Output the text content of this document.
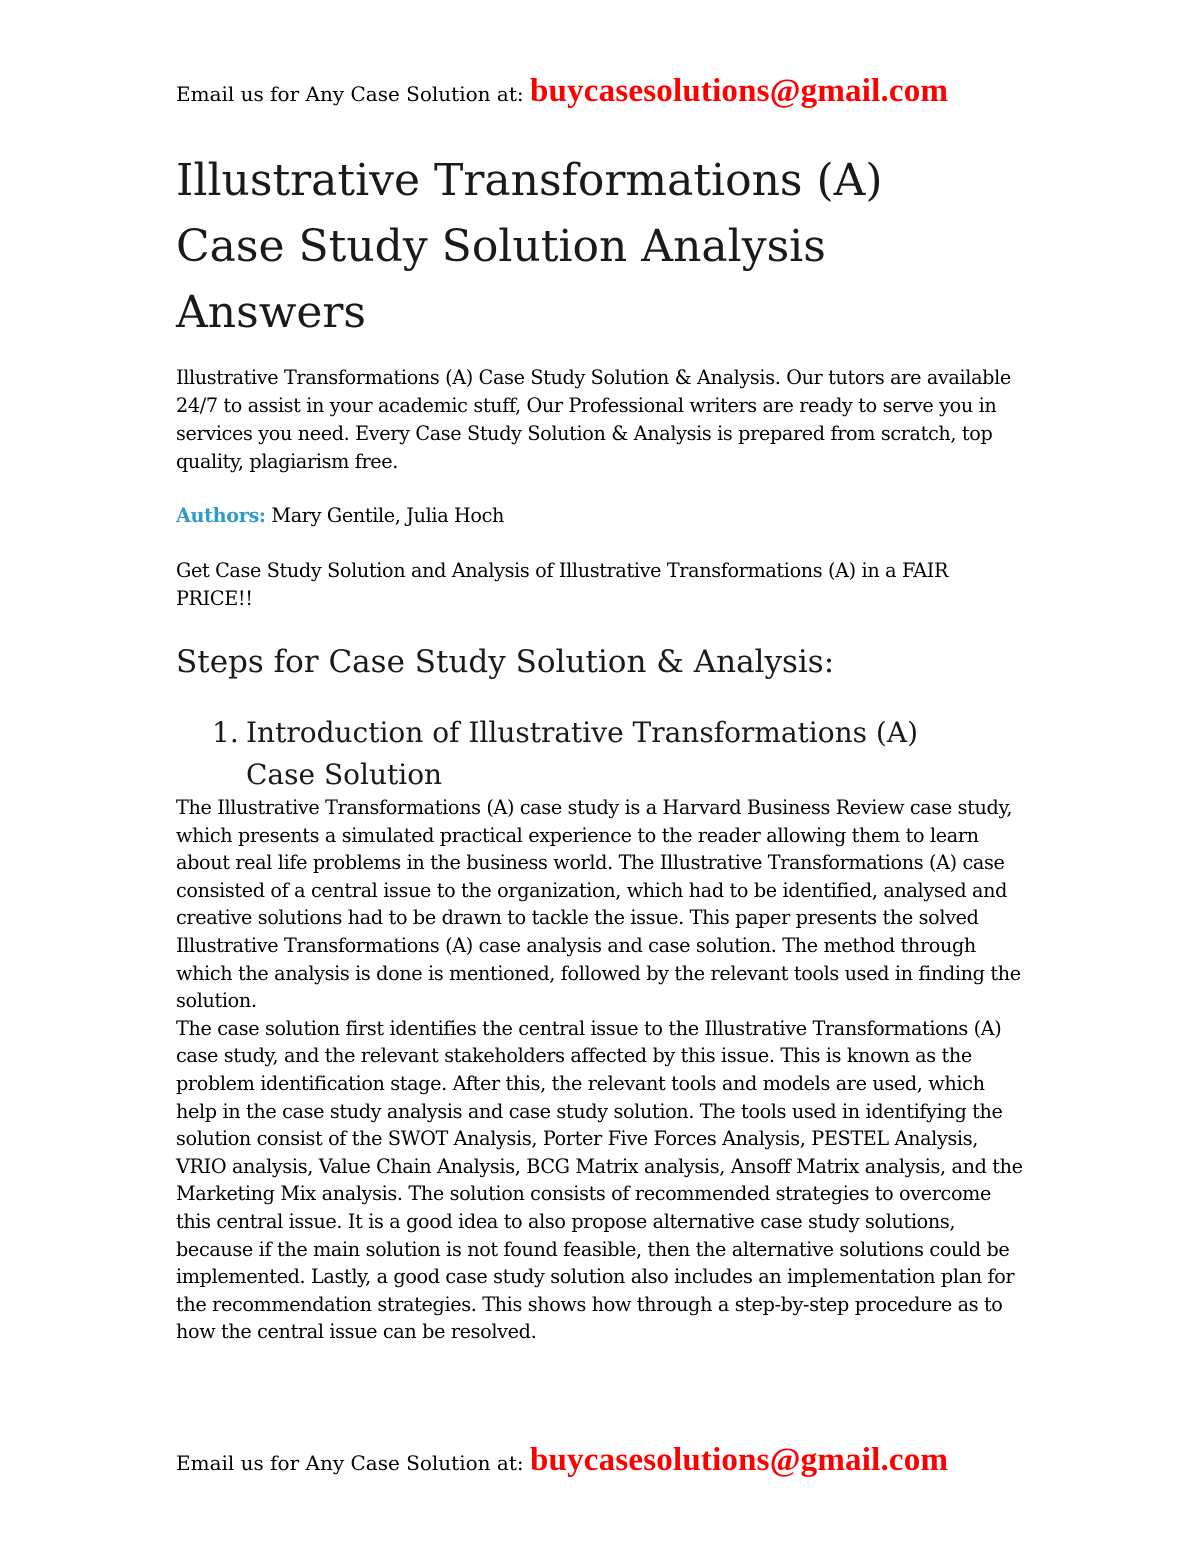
Email us for Any Case Solution at: buycasesolutions@gmail.com
Illustrative Transformations (A) Case Study Solution Analysis Answers

Illustrative Transformations (A) Case Study Solution & Analysis. Our tutors are available 24/7 to assist in your academic stuff, Our Professional writers are ready to serve you in services you need. Every Case Study Solution & Analysis is prepared from scratch, top quality, plagiarism free.

Authors: Mary Gentile, Julia Hoch

Get Case Study Solution and Analysis of Illustrative Transformations (A) in a FAIR PRICE!!

Steps for Case Study Solution & Analysis:
1. Introduction of Illustrative Transformations (A) Case Solution

The Illustrative Transformations (A) case study is a Harvard Business Review case study, which presents a simulated practical experience to the reader allowing them to learn about real life problems in the business world. The Illustrative Transformations (A) case consisted of a central issue to the organization, which had to be identified, analysed and creative solutions had to be drawn to tackle the issue. This paper presents the solved Illustrative Transformations (A) case analysis and case solution. The method through which the analysis is done is mentioned, followed by the relevant tools used in finding the solution.

The case solution first identifies the central issue to the Illustrative Transformations (A) case study, and the relevant stakeholders affected by this issue. This is known as the problem identification stage. After this, the relevant tools and models are used, which help in the case study analysis and case study solution. The tools used in identifying the solution consist of the SWOT Analysis, Porter Five Forces Analysis, PESTEL Analysis, VRIO analysis, Value Chain Analysis, BCG Matrix analysis, Ansoff Matrix analysis, and the Marketing Mix analysis. The solution consists of recommended strategies to overcome this central issue. It is a good idea to also propose alternative case study solutions, because if the main solution is not found feasible, then the alternative solutions could be implemented. Lastly, a good case study solution also includes an implementation plan for the recommendation strategies. This shows how through a step-by-step procedure as to how the central issue can be resolved.

Email us for Any Case Solution at: buycasesolutions@gmail.com
